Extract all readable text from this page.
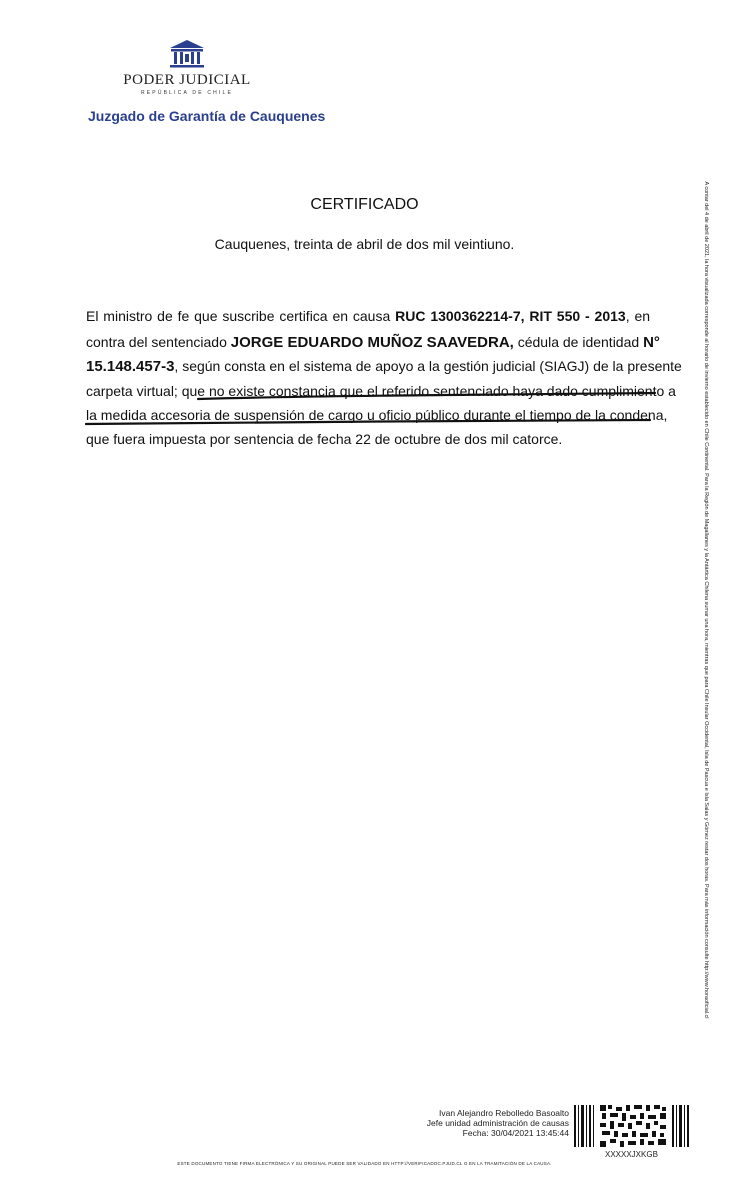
PODER JUDICIAL
REPÚBLICA DE CHILE
Juzgado de Garantía de Cauquenes
CERTIFICADO
Cauquenes, treinta de abril de dos mil veintiuno.
El ministro de fe que suscribe certifica en causa RUC 1300362214-7, RIT 550 - 2013, en
contra del sentenciado JORGE EDUARDO MUÑOZ SAAVEDRA, cédula de identidad N°
15.148.457-3, según consta en el sistema de apoyo a la gestión judicial (SIAGJ) de la presente
carpeta virtual; que no existe constancia que el referido sentenciado haya dado cumplimiento a
la medida accesoria de suspensión de cargo u oficio público durante el tiempo de la condena,
que fuera impuesta por sentencia de fecha 22 de octubre de dos mil catorce.	A contar del 4 de abril de 2021, la hora visualizada corresponde al horario de invierno establecido en Chile Continental. Para la Región de Magallanes y la Antártica Chilena sumar una hora, mientras que para Chile Insular Occidental, Isla de Pascua e Isla Salas y Gómez restar dos horas. Para más información consulte http://www.horaoficial.cl
Ivan Alejandro Rebolledo Basoalto
Jefe unidad administración de causas
Fecha: 30/04/2021 13:45:44
XXXXXJXKGB
ESTE DOCUMENTO TIENE FIRMA ELECTRÓNICA Y SU ORIGINAL PUEDE SER VALIDADO EN HTTP://VERIFICADOC.PJUD.CL O EN LA TRAMITACIÓN DE LA CAUSA.
